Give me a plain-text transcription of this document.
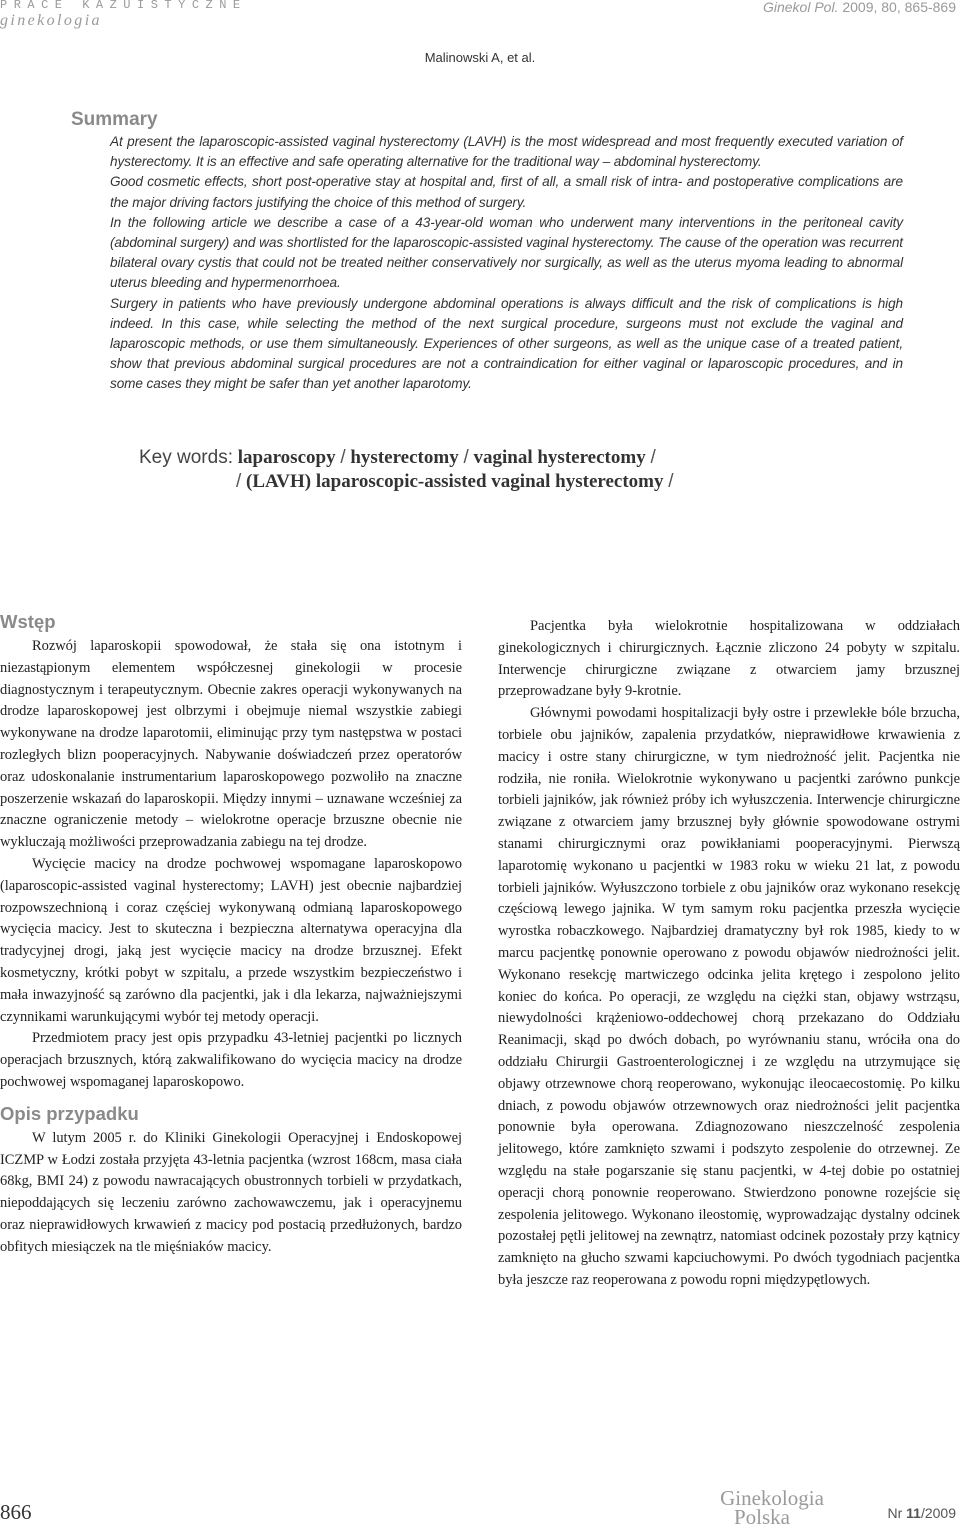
PRACE KAZUISTYCZNE
ginekologia
Ginekol Pol. 2009, 80, 865-869
Malinowski A, et al.
Summary

At present the laparoscopic-assisted vaginal hysterectomy (LAVH) is the most widespread and most frequently executed variation of hysterectomy. It is an effective and safe operating alternative for the traditional way – abdominal hysterectomy.

Good cosmetic effects, short post-operative stay at hospital and, first of all, a small risk of intra- and postoperative complications are the major driving factors justifying the choice of this method of surgery.

In the following article we describe a case of a 43-year-old woman who underwent many interventions in the peritoneal cavity (abdominal surgery) and was shortlisted for the laparoscopic-assisted vaginal hysterectomy. The cause of the operation was recurrent bilateral ovary cystis that could not be treated neither conservatively nor surgically, as well as the uterus myoma leading to abnormal uterus bleeding and hypermenorrhoea.

Surgery in patients who have previously undergone abdominal operations is always difficult and the risk of complications is high indeed. In this case, while selecting the method of the next surgical procedure, surgeons must not exclude the vaginal and laparoscopic methods, or use them simultaneously. Experiences of other surgeons, as well as the unique case of a treated patient, show that previous abdominal surgical procedures are not a contraindication for either vaginal or laparoscopic procedures, and in some cases they might be safer than yet another laparotomy.

Key words: laparoscopy / hysterectomy / vaginal hysterectomy /
/ (LAVH) laparoscopic-assisted vaginal hysterectomy /
Wstęp

Rozwój laparoskopii spowodował, że stała się ona istotnym i niezastąpionym elementem współczesnej ginekologii w procesie diagnostycznym i terapeutycznym. Obecnie zakres operacji wykonywanych na drodze laparoskopowej jest olbrzymi i obejmuje niemal wszystkie zabiegi wykonywane na drodze laparotomii, eliminując przy tym następstwa w postaci rozległych blizn pooperacyjnych. Nabywanie doświadczeń przez operatorów oraz udoskonalanie instrumentarium laparoskopowego pozwoliło na znaczne poszerzenie wskazań do laparoskopii. Między innymi – uznawane wcześniej za znaczne ograniczenie metody – wielokrotne operacje brzuszne obecnie nie wykluczają możliwości przeprowadzania zabiegu na tej drodze.

Wycięcie macicy na drodze pochwowej wspomagane laparoskopowo (laparoscopic-assisted vaginal hysterectomy; LAVH) jest obecnie najbardziej rozpowszechnioną i coraz częściej wykonywaną odmianą laparoskopowego wycięcia macicy. Jest to skuteczna i bezpieczna alternatywa operacyjna dla tradycyjnej drogi, jaką jest wycięcie macicy na drodze brzusznej. Efekt kosmetyczny, krótki pobyt w szpitalu, a przede wszystkim bezpieczeństwo i mała inwazyjność są zarówno dla pacjentki, jak i dla lekarza, najważniejszymi czynnikami warunkującymi wybór tej metody operacji.

Przedmiotem pracy jest opis przypadku 43-letniej pacjentki po licznych operacjach brzusznych, którą zakwalifikowano do wycięcia macicy na drodze pochwowej wspomaganej laparoskopowo.

Opis przypadku

W lutym 2005 r. do Kliniki Ginekologii Operacyjnej i Endoskopowej ICZMP w Łodzi została przyjęta 43-letnia pacjentka (wzrost 168cm, masa ciała 68kg, BMI 24) z powodu nawracających obustronnych torbieli w przydatkach, niepoddających się leczeniu zarówno zachowawczemu, jak i operacyjnemu oraz nieprawidłowych krwawień z macicy pod postacią przedłużonych, bardzo obfitych miesiączek na tle mięśniaków macicy.

Pacjentka była wielokrotnie hospitalizowana w oddziałach ginekologicznych i chirurgicznych. Łącznie zliczono 24 pobyty w szpitalu. Interwencje chirurgiczne związane z otwarciem jamy brzusznej przeprowadzane były 9-krotnie.

Głównymi powodami hospitalizacji były ostre i przewlekłe bóle brzucha, torbiele obu jajników, zapalenia przydatków, nieprawidłowe krwawienia z macicy i ostre stany chirurgiczne, w tym niedrożność jelit. Pacjentka nie rodziła, nie roniła. Wielokrotnie wykonywano u pacjentki zarówno punkcje torbieli jajników, jak również próby ich wyłuszczenia. Interwencje chirurgiczne związane z otwarciem jamy brzusznej były głównie spowodowane ostrymi stanami chirurgicznymi oraz powikłaniami pooperacyjnymi. Pierwszą laparotomię wykonano u pacjentki w 1983 roku w wieku 21 lat, z powodu torbieli jajników. Wyłuszczono torbiele z obu jajników oraz wykonano resekcję częściową lewego jajnika. W tym samym roku pacjentka przeszła wycięcie wyrostka robaczkowego. Najbardziej dramatyczny był rok 1985, kiedy to w marcu pacjentkę ponownie operowano z powodu objawów niedrożności jelit. Wykonano resekcję martwiczego odcinka jelita krętego i zespolono jelito koniec do końca. Po operacji, ze względu na ciężki stan, objawy wstrząsu, niewydolności krążeniowo-oddechowej chorą przekazano do Oddziału Reanimacji, skąd po dwóch dobach, po wyrównaniu stanu, wróciła ona do oddziału Chirurgii Gastroenterologicznej i ze względu na utrzymujące się objawy otrzewnowe chorą reoperowano, wykonując ileocaecostomię. Po kilku dniach, z powodu objawów otrzewnowych oraz niedrożności jelit pacjentka ponownie była operowana. Zdiagnozowano nieszczelność zespolenia jelitowego, które zamknięto szwami i podszyto zespolenie do otrzewnej. Ze względu na stałe pogarszanie się stanu pacjentki, w 4-tej dobie po ostatniej operacji chorą ponownie reoperowano. Stwierdzono ponowne rozejście się zespolenia jelitowego. Wykonano ileostomię, wyprowadzając dystalny odcinek pozostałej pętli jelitowej na zewnątrz, natomiast odcinek pozostały przy kątnicy zamknięto na głucho szwami kapciuchowymi. Po dwóch tygodniach pacjentka była jeszcze raz reoperowana z powodu ropni międzypętlowych.

866
Ginekologia
Polska	Nr 11/2009
